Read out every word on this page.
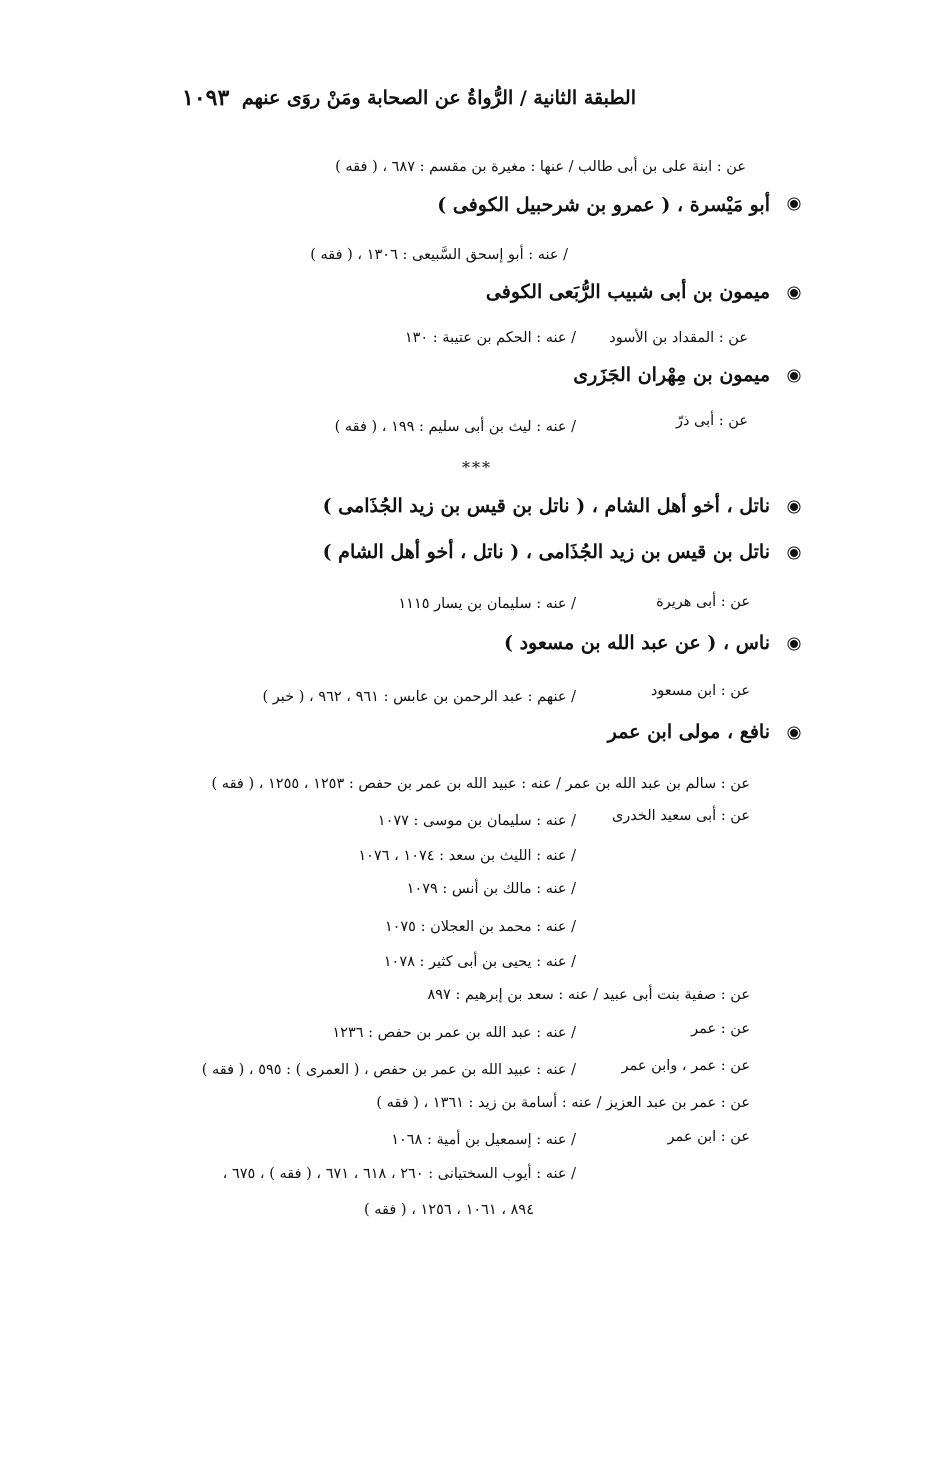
الطبقة الثانية / الرُّواةُ عن الصحابة ومَنْ روَى عنهم
١٠٩٣
عن : ابنة على بن أبى طالب / عنها : مغيرة بن مقسم : ٦٨٧ ، ( فقه )
أبو مَيْسرة ، ( عمرو بن شرحبيل الكوفى )
/ عنه : أبو إسحق السَّبيعى : ١٣٠٦ ، ( فقه )
ميمون بن أبى شبيب الرُّبَعى الكوفى
عن : المقداد بن الأسود
/ عنه : الحكم بن عتيبة : ١٣٠
ميمون بن مِهْران الجَزَرى
عن : أبى ذرّ
/ عنه : ليث بن أبى سليم : ١٩٩ ، ( فقه )
***
ناتل ، أخو أهل الشام ، ( ناتل بن قيس بن زيد الجُذَامى )
ناتل بن قيس بن زيد الجُذَامى ، ( ناتل ، أخو أهل الشام )
عن : أبى هريرة
/ عنه : سليمان بن يسار ١١١٥
ناس ، ( عن عبد الله بن مسعود )
عن : ابن مسعود
/ عنهم : عبد الرحمن بن عابس : ٩٦١ ، ٩٦٢ ، ( خبر )
نافع ، مولى ابن عمر
عن : سالم بن عبد الله بن عمر / عنه : عبيد الله بن عمر بن حفص : ١٢٥٣ ، ١٢٥٥ ، ( فقه )
عن : أبى سعيد الخدرى
/ عنه : سليمان بن موسى : ١٠٧٧
/ عنه : الليث بن سعد : ١٠٧٤ ، ١٠٧٦
/ عنه : مالك بن أنس : ١٠٧٩
/ عنه : محمد بن العجلان : ١٠٧٥
/ عنه : يحيى بن أبى كثير : ١٠٧٨
عن : صفية بنت أبى عبيد / عنه : سعد بن إبرهيم : ٨٩٧
عن : عمر
/ عنه : عبد الله بن عمر بن حفص : ١٢٣٦
عن : عمر ، وابن عمر
/ عنه : عبيد الله بن عمر بن حفص ، ( العمرى ) : ٥٩٥ ، ( فقه )
عن : عمر بن عبد العزيز / عنه : أسامة بن زيد : ١٣٦١ ، ( فقه )
عن : ابن عمر
/ عنه : إسمعيل بن أمية : ١٠٦٨
/ عنه : أيوب السختيانى : ٢٦٠ ، ٦١٨ ، ٦٧١ ، ( فقه ) ، ٦٧٥ ،
٨٩٤ ، ١٠٦١ ، ١٢٥٦ ، ( فقه )
